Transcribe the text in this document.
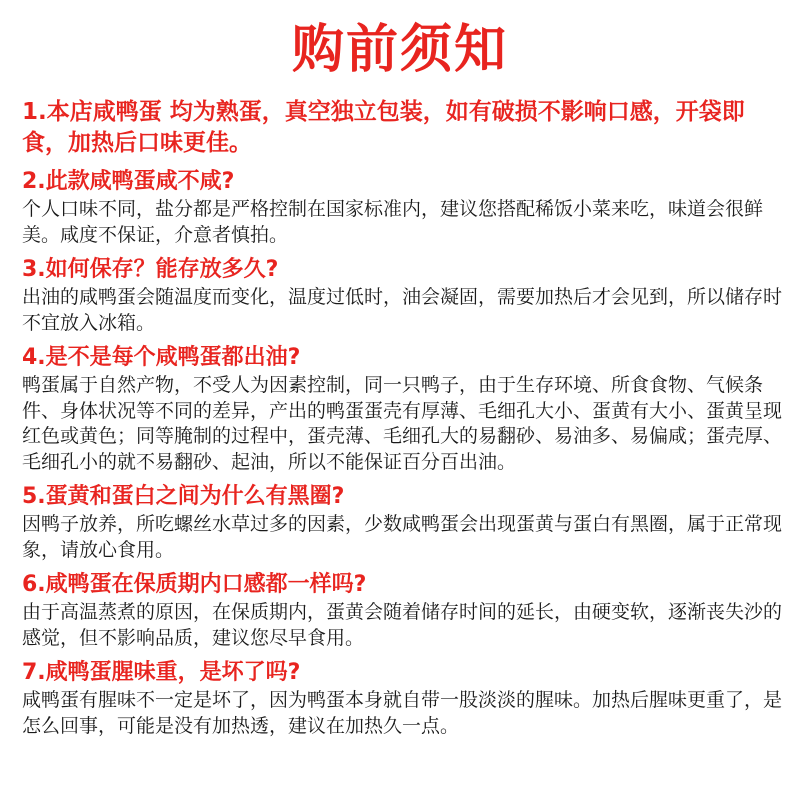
购前须知
1.本店咸鸭蛋 均为熟蛋，真空独立包装，如有破损不影响口感，开袋即食，加热后口味更佳。
2.此款咸鸭蛋咸不咸?
个人口味不同，盐分都是严格控制在国家标准内，建议您搭配稀饭小菜来吃，味道会很鲜美。咸度不保证，介意者慎拍。
3.如何保存？能存放多久?
出油的咸鸭蛋会随温度而变化，温度过低时，油会凝固，需要加热后才会见到，所以储存时不宜放入冰箱。
4.是不是每个咸鸭蛋都出油?
鸭蛋属于自然产物，不受人为因素控制，同一只鸭子，由于生存环境、所食食物、气候条件、身体状况等不同的差异，产出的鸭蛋蛋壳有厚薄、毛细孔大小、蛋黄有大小、蛋黄呈现红色或黄色；同等腌制的过程中，蛋壳薄、毛细孔大的易翻砂、易油多、易偏咸；蛋壳厚、毛细孔小的就不易翻砂、起油，所以不能保证百分百出油。
5.蛋黄和蛋白之间为什么有黑圈?
因鸭子放养，所吃螺丝水草过多的因素，少数咸鸭蛋会出现蛋黄与蛋白有黑圈，属于正常现象，请放心食用。
6.咸鸭蛋在保质期内口感都一样吗?
由于高温蒸煮的原因，在保质期内，蛋黄会随着储存时间的延长，由硬变软，逐渐丧失沙的感觉，但不影响品质，建议您尽早食用。
7.咸鸭蛋腥味重，是坏了吗?
咸鸭蛋有腥味不一定是坏了，因为鸭蛋本身就自带一股淡淡的腥味。加热后腥味更重了，是怎么回事，可能是没有加热透，建议在加热久一点。
